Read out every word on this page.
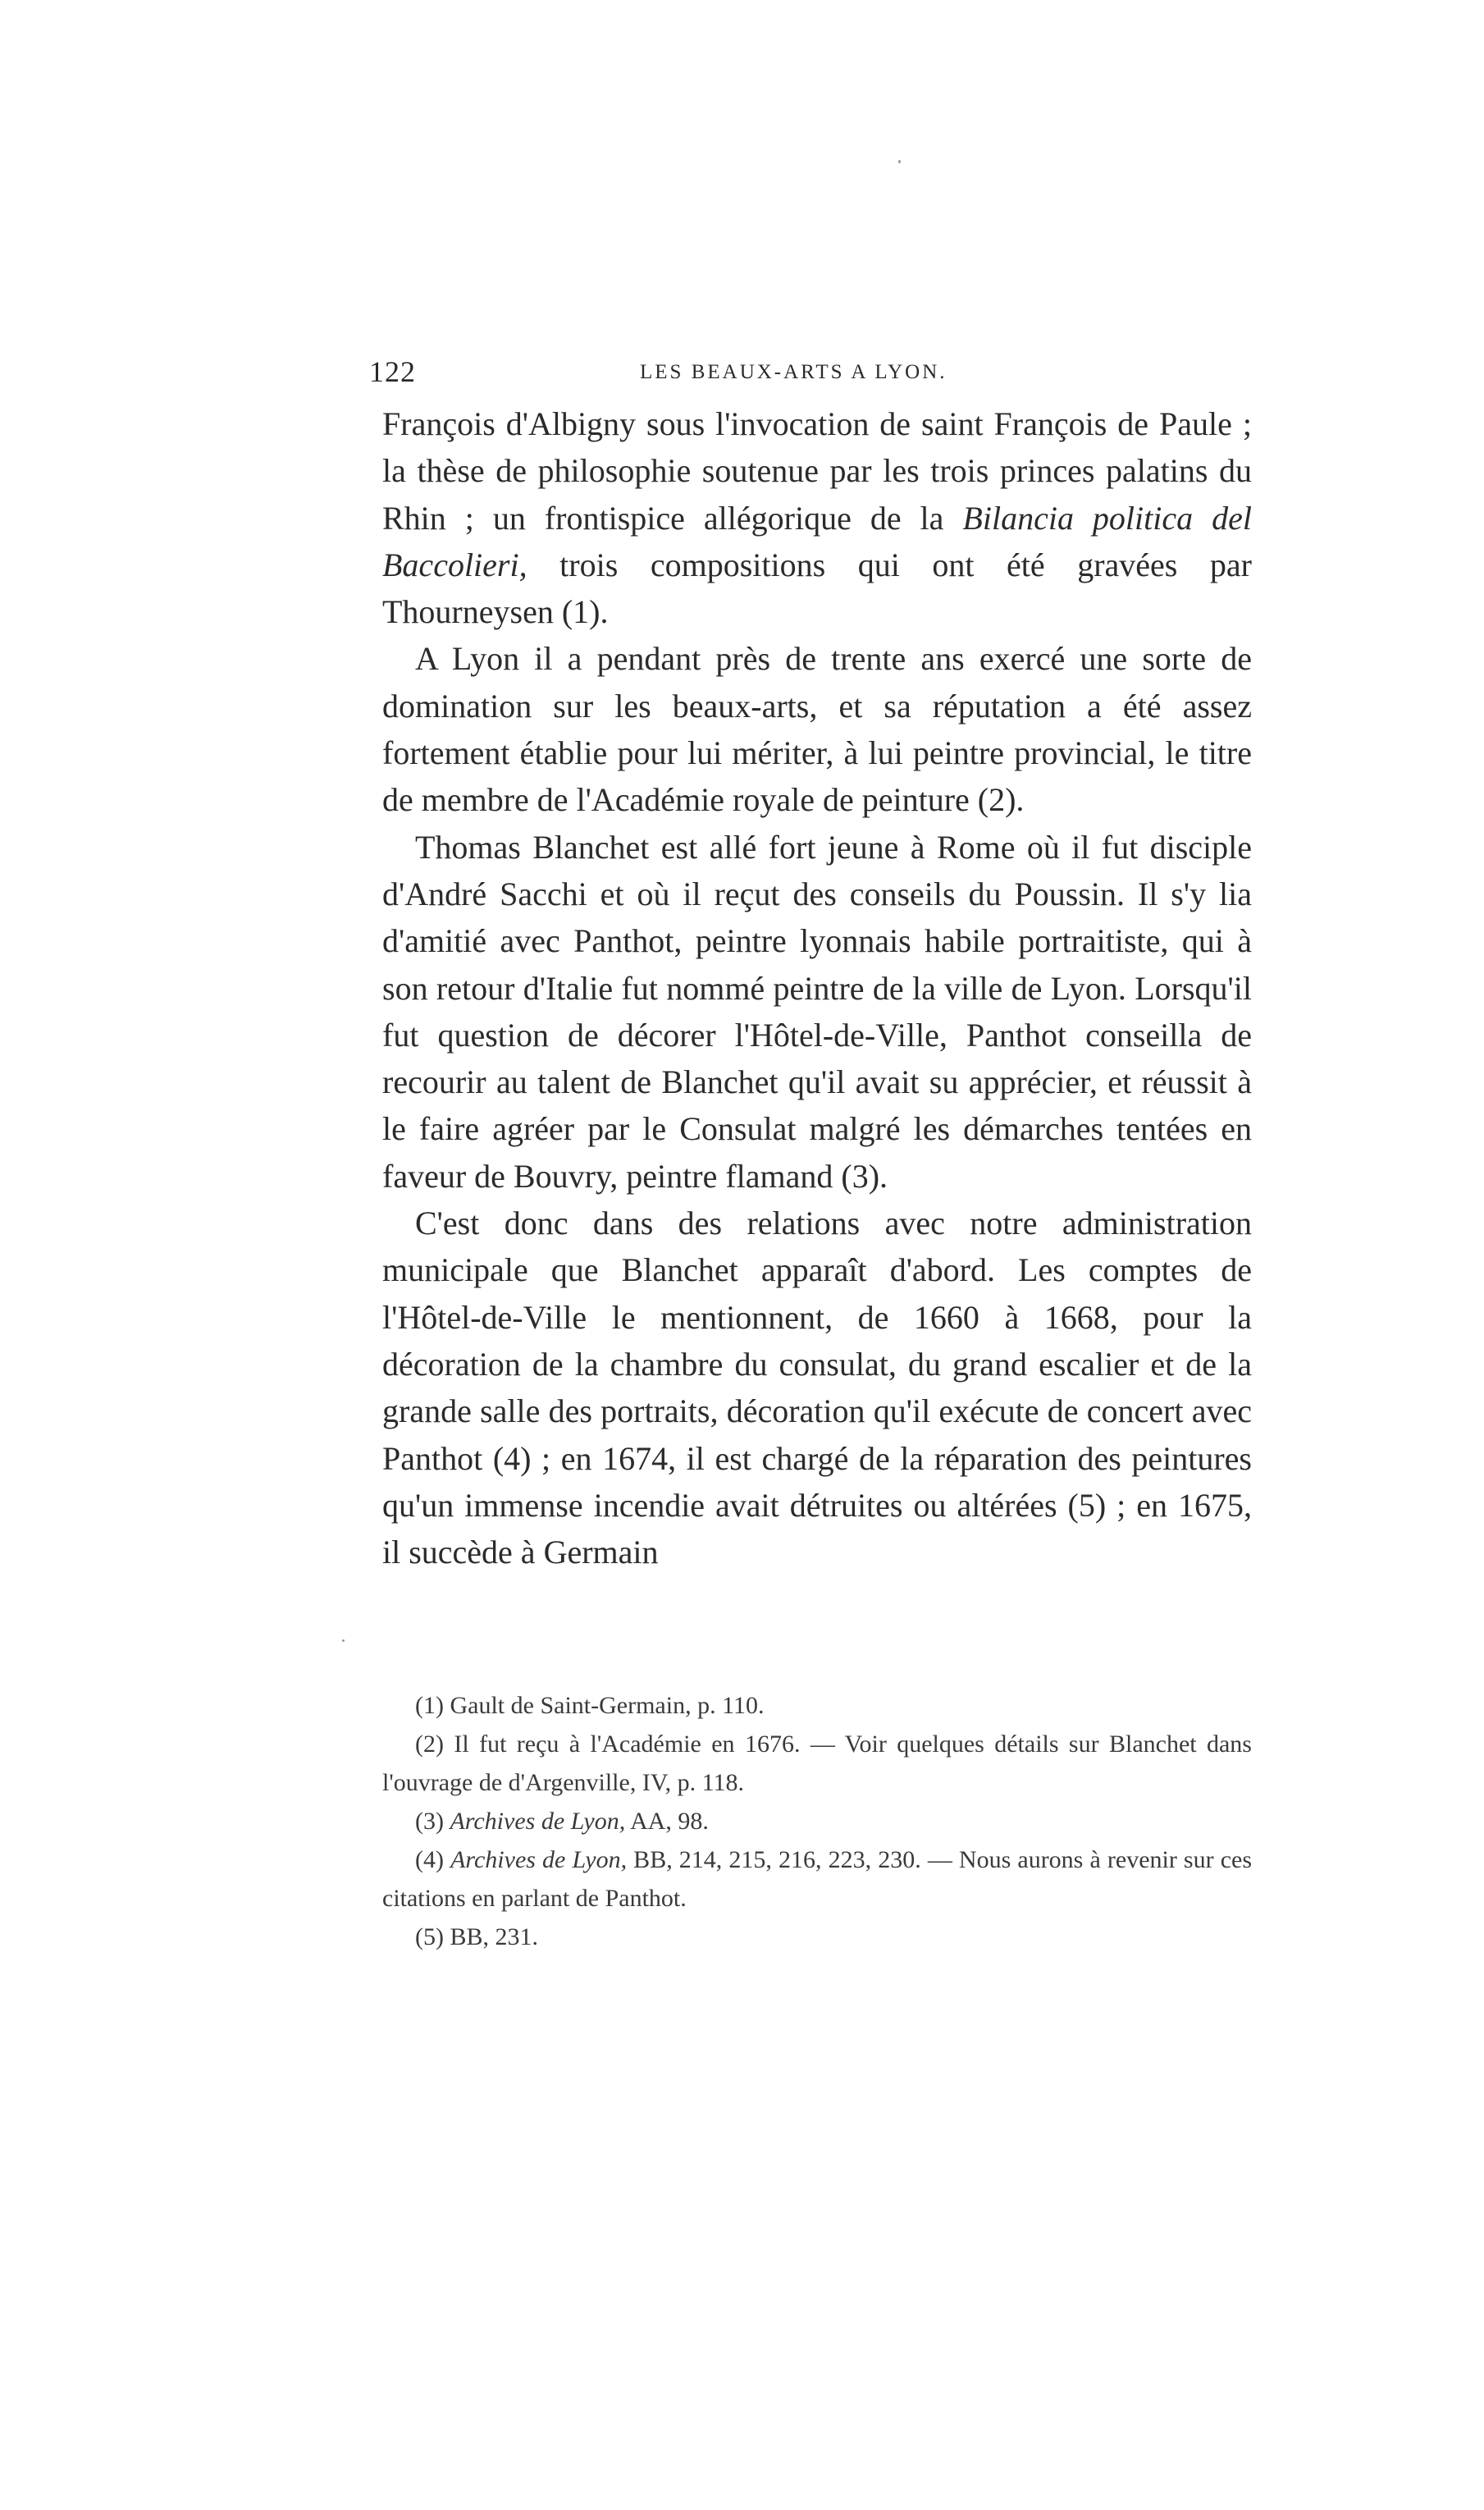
122	LES BEAUX-ARTS A LYON.

François d'Albigny sous l'invocation de saint François de Paule ; la thèse de philosophie soutenue par les trois princes palatins du Rhin ; un frontispice allégorique de la Bilancia politica del Baccolieri, trois compositions qui ont été gravées par Thourneysen (1).

A Lyon il a pendant près de trente ans exercé une sorte de domination sur les beaux-arts, et sa réputation a été assez fortement établie pour lui mériter, à lui peintre provincial, le titre de membre de l'Académie royale de peinture (2).

Thomas Blanchet est allé fort jeune à Rome où il fut disciple d'André Sacchi et où il reçut des conseils du Poussin. Il s'y lia d'amitié avec Panthot, peintre lyonnais habile portraitiste, qui à son retour d'Italie fut nommé peintre de la ville de Lyon. Lorsqu'il fut question de décorer l'Hôtel-de-Ville, Panthot conseilla de recourir au talent de Blanchet qu'il avait su apprécier, et réussit à le faire agréer par le Consulat malgré les démarches tentées en faveur de Bouvry, peintre flamand (3).

C'est donc dans des relations avec notre administration municipale que Blanchet apparaît d'abord. Les comptes de l'Hôtel-de-Ville le mentionnent, de 1660 à 1668, pour la décoration de la chambre du consulat, du grand escalier et de la grande salle des portraits, décoration qu'il exécute de concert avec Panthot (4) ; en 1674, il est chargé de la réparation des peintures qu'un immense incendie avait détruites ou altérées (5) ; en 1675, il succède à Germain

(1) Gault de Saint-Germain, p. 110.

(2) Il fut reçu à l'Académie en 1676. — Voir quelques détails sur Blanchet dans l'ouvrage de d'Argenville, IV, p. 118.

(3) Archives de Lyon, AA, 98.

(4) Archives de Lyon, BB, 214, 215, 216, 223, 230. — Nous aurons à revenir sur ces citations en parlant de Panthot.

(5) BB, 231.
